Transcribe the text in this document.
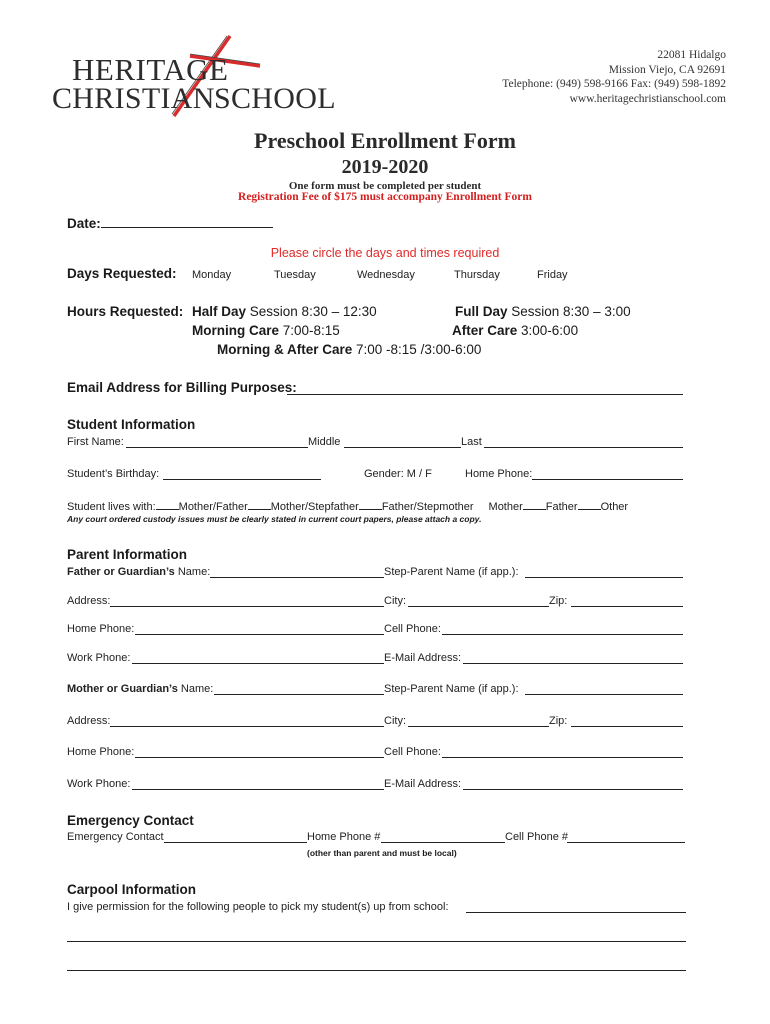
HERITAGE
CHRISTIAN SCHOOL
22081 Hidalgo
Mission Viejo, CA 92691
Telephone: (949) 598-9166 Fax: (949) 598-1892
www.heritagechristianschool.com
Preschool Enrollment Form
2019-2020
One form must be completed per student
Registration Fee of $175 must accompany Enrollment Form
Date:
Please circle the days and times required
Days Requested: Monday	Tuesday	Wednesday	Thursday	Friday
Hours Requested: Half Day Session 8:30 – 12:30	Full Day Session 8:30 – 3:00
Morning Care 7:00-8:15	After Care 3:00-6:00
Morning & After Care 7:00 -8:15 /3:00-6:00
Email Address for Billing Purposes:
Student Information
First Name:	Middle	Last
Student’s Birthday:	Gender: M / F	Home Phone:
Student lives with: Mother/Father Mother/Stepfather Father/Stepmother Mother Father Other
Any court ordered custody issues must be clearly stated in current court papers, please attach a copy.
Parent Information
Father or Guardian’s Name:	Step-Parent Name (if app.):
Address:	City:	Zip:
Home Phone:	Cell Phone:
Work Phone:	E-Mail Address:
Mother or Guardian’s Name:	Step-Parent Name (if app.):
Address:	City:	Zip:
Home Phone:	Cell Phone:
Work Phone:	E-Mail Address:
Emergency Contact
Emergency Contact	Home Phone #	Cell Phone #
(other than parent and must be local)
Carpool Information
I give permission for the following people to pick my student(s) up from school:
